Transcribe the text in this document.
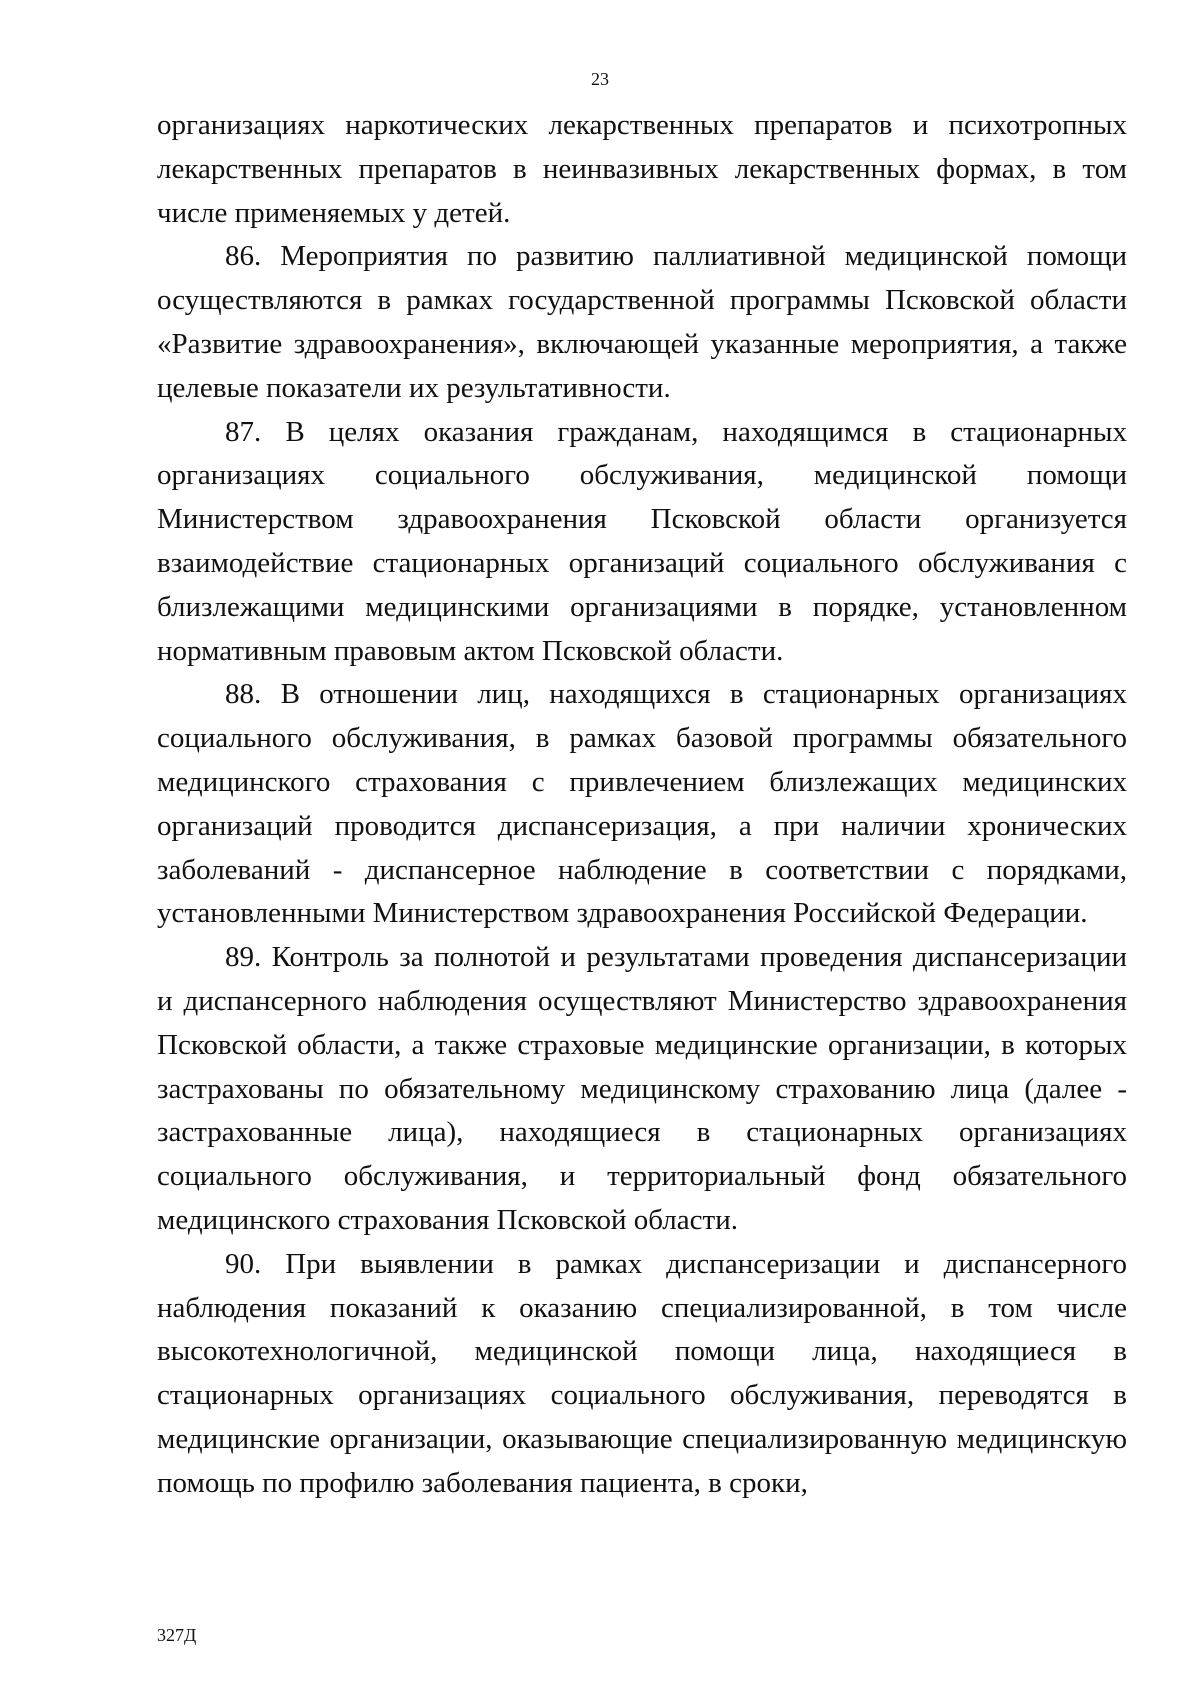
23

организациях наркотических лекарственных препаратов и психотропных лекарственных препаратов в неинвазивных лекарственных формах, в том числе применяемых у детей.

86. Мероприятия по развитию паллиативной медицинской помощи осуществляются в рамках государственной программы Псковской области «Развитие здравоохранения», включающей указанные мероприятия, а также целевые показатели их результативности.

87. В целях оказания гражданам, находящимся в стационарных организациях социального обслуживания, медицинской помощи Министерством здравоохранения Псковской области организуется взаимодействие стационарных организаций социального обслуживания с близлежащими медицинскими организациями в порядке, установленном нормативным правовым актом Псковской области.

88. В отношении лиц, находящихся в стационарных организациях социального обслуживания, в рамках базовой программы обязательного медицинского страхования с привлечением близлежащих медицинских организаций проводится диспансеризация, а при наличии хронических заболеваний - диспансерное наблюдение в соответствии с порядками, установленными Министерством здравоохранения Российской Федерации.

89. Контроль за полнотой и результатами проведения диспансеризации и диспансерного наблюдения осуществляют Министерство здравоохранения Псковской области, а также страховые медицинские организации, в которых застрахованы по обязательному медицинскому страхованию лица (далее - застрахованные лица), находящиеся в стационарных организациях социального обслуживания, и территориальный фонд обязательного медицинского страхования Псковской области.

90. При выявлении в рамках диспансеризации и диспансерного наблюдения показаний к оказанию специализированной, в том числе высокотехнологичной, медицинской помощи лица, находящиеся в стационарных организациях социального обслуживания, переводятся в медицинские организации, оказывающие специализированную медицинскую помощь по профилю заболевания пациента, в сроки,

327Д
